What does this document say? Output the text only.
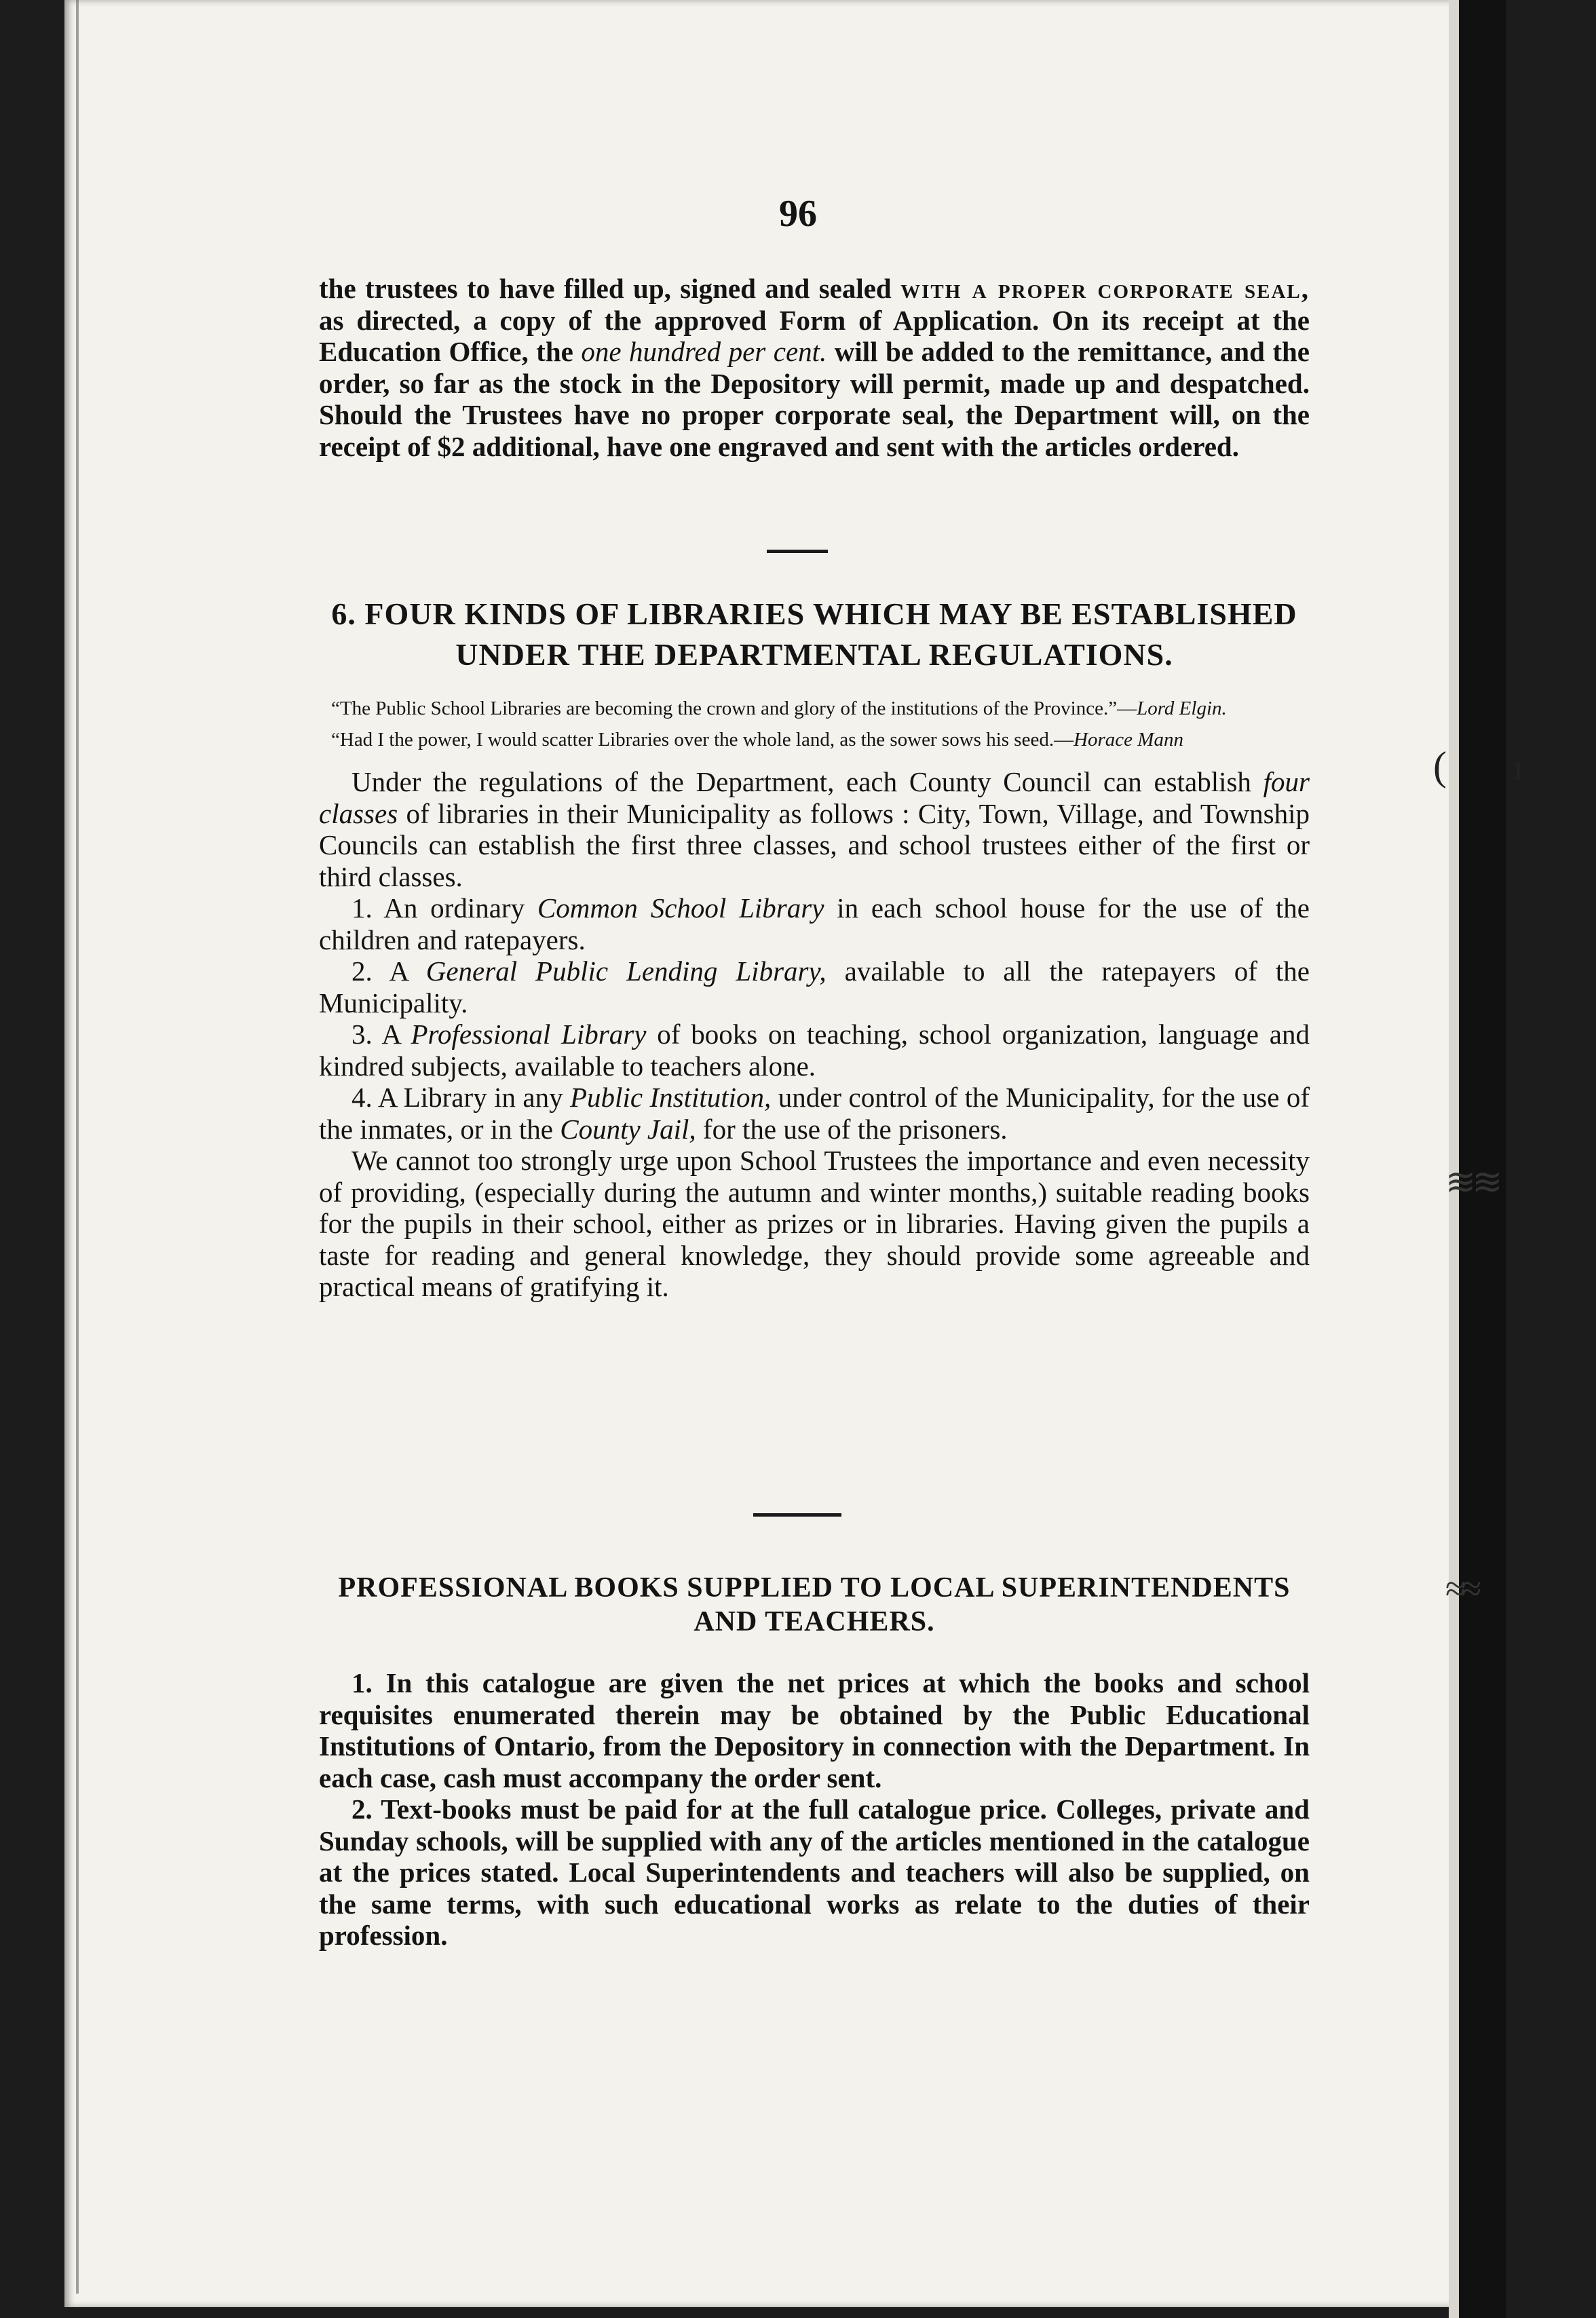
( ı
≋≋
≈≈
96

the trustees to have filled up, signed and sealed with a proper corporate seal, as directed, a copy of the approved Form of Application. On its receipt at the Education Office, the one hundred per cent. will be added to the remittance, and the order, so far as the stock in the Depository will permit, made up and despatched. Should the Trustees have no proper corporate seal, the Department will, on the receipt of $2 additional, have one engraved and sent with the articles ordered.

6. FOUR KINDS OF LIBRARIES WHICH MAY BE ESTABLISHED UNDER THE DEPARTMENTAL REGULATIONS.

“The Public School Libraries are becoming the crown and glory of the institutions of the Province.”—Lord Elgin.

“Had I the power, I would scatter Libraries over the whole land, as the sower sows his seed.—Horace Mann

Under the regulations of the Department, each County Council can establish four classes of libraries in their Municipality as follows : City, Town, Village, and Township Councils can establish the first three classes, and school trustees either of the first or third classes.

1. An ordinary Common School Library in each school house for the use of the children and ratepayers.

2. A General Public Lending Library, available to all the ratepayers of the Municipality.

3. A Professional Library of books on teaching, school organization, language and kindred subjects, available to teachers alone.

4. A Library in any Public Institution, under control of the Municipality, for the use of the inmates, or in the County Jail, for the use of the prisoners.

We cannot too strongly urge upon School Trustees the importance and even necessity of providing, (especially during the autumn and winter months,) suitable reading books for the pupils in their school, either as prizes or in libraries. Having given the pupils a taste for reading and general knowledge, they should provide some agreeable and practical means of gratifying it.

PROFESSIONAL BOOKS SUPPLIED TO LOCAL SUPERINTENDENTS AND TEACHERS.

1. In this catalogue are given the net prices at which the books and school requisites enumerated therein may be obtained by the Public Educational Institutions of Ontario, from the Depository in connection with the Department. In each case, cash must accompany the order sent.

2. Text-books must be paid for at the full catalogue price. Colleges, private and Sunday schools, will be supplied with any of the articles mentioned in the catalogue at the prices stated. Local Superintendents and teachers will also be supplied, on the same terms, with such educational works as relate to the duties of their profession.
